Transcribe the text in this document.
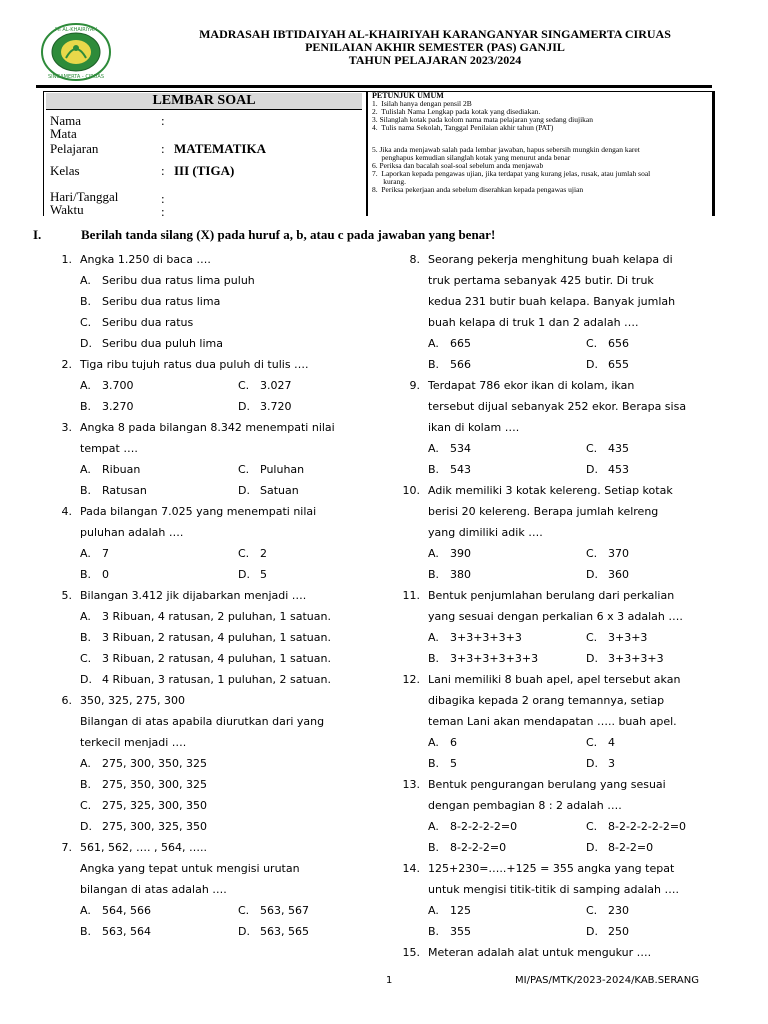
MI AL-KHAIRIYAH
SINGAMERTA - CIRUAS
MADRASAH IBTIDAIYAH AL-KHAIRIYAH KARANGANYAR SINGAMERTA CIRUAS
PENILAIAN AKHIR SEMESTER (PAS) GANJIL
TAHUN PELAJARAN 2023/2024
LEMBAR SOAL
Nama	:
Mata
Pelajaran	: MATEMATIKA
Kelas	: III (TIGA)
Hari/Tanggal	:
Waktu	:
PETUNJUK UMUM
1.  Isilah hanya dengan pensil 2B
2.  Tulislah Nama Lengkap pada kotak yang disediakan.
3. Silanglah kotak pada kolom nama mata pelajaran yang sedang diujikan
4.  Tulis nama Sekolah, Tanggal Penilaian akhir tahun (PAT)
5. Jika anda menjawab salah pada lembar jawaban, hapus sebersih mungkin dengan karet
penghapus kemudian silanglah kotak yang menurut anda benar
6. Periksa dan bacalah soal-soal sebelum anda menjawab
7.  Laporkan kepada pengawas ujian, jika terdapat yang kurang jelas, rusak, atau jumlah soal
kurang.
8.  Periksa pekerjaan anda sebelum diserahkan kepada pengawas ujian
I.	Berilah tanda silang (X) pada huruf a, b, atau c pada jawaban yang benar!
1. Angka 1.250 di baca ….
A. Seribu dua ratus lima puluh
B. Seribu dua ratus lima
C. Seribu dua ratus
D. Seribu dua puluh lima
2. Tiga ribu tujuh ratus dua puluh di tulis ….
A. 3.700	C. 3.027
B. 3.270	D. 3.720
3. Angka 8 pada bilangan 8.342 menempati nilai
tempat ….
A. Ribuan	C. Puluhan
B. Ratusan	D. Satuan
4. Pada bilangan 7.025 yang menempati nilai
puluhan adalah ….
A. 7	C. 2
B. 0	D. 5
5. Bilangan 3.412 jik dijabarkan menjadi ….
A. 3 Ribuan, 4 ratusan, 2 puluhan, 1 satuan.
B. 3 Ribuan, 2 ratusan, 4 puluhan, 1 satuan.
C. 3 Ribuan, 2 ratusan, 4 puluhan, 1 satuan.
D. 4 Ribuan, 3 ratusan, 1 puluhan, 2 satuan.
6. 350, 325, 275, 300
Bilangan di atas apabila diurutkan dari yang
terkecil menjadi ….
A. 275, 300, 350, 325
B. 275, 350, 300, 325
C. 275, 325, 300, 350
D. 275, 300, 325, 350
7. 561, 562, …. , 564, …..
Angka yang tepat untuk mengisi urutan
bilangan di atas adalah ….
A. 564, 566	C. 563, 567
B. 563, 564	D. 563, 565
8. Seorang pekerja menghitung buah kelapa di
truk pertama sebanyak 425 butir. Di truk
kedua 231 butir buah kelapa. Banyak jumlah
buah kelapa di truk 1 dan 2 adalah ….
A. 665	C. 656
B. 566	D. 655
9. Terdapat 786 ekor ikan di kolam, ikan
tersebut dijual sebanyak 252 ekor. Berapa sisa
ikan di kolam ….
A. 534	C. 435
B. 543	D. 453
10. Adik memiliki 3 kotak kelereng. Setiap kotak
berisi 20 kelereng. Berapa jumlah kelreng
yang dimiliki adik ….
A. 390	C. 370
B. 380	D. 360
11. Bentuk penjumlahan berulang dari perkalian
yang sesuai dengan perkalian 6 x 3 adalah ….
A. 3+3+3+3+3	C. 3+3+3
B. 3+3+3+3+3+3	D. 3+3+3+3
12. Lani memiliki 8 buah apel, apel tersebut akan
dibagika kepada 2 orang temannya, setiap
teman Lani akan mendapatan ….. buah apel.
A. 6	C. 4
B. 5	D. 3
13. Bentuk pengurangan berulang yang sesuai
dengan pembagian 8 : 2 adalah ….
A. 8-2-2-2-2=0	C. 8-2-2-2-2-2=0
B. 8-2-2-2=0	D. 8-2-2=0
14. 125+230=…..+125 = 355 angka yang tepat
untuk mengisi titik-titik di samping adalah ….
A. 125	C. 230
B. 355	D. 250
15. Meteran adalah alat untuk mengukur ….
1	MI/PAS/MTK/2023-2024/KAB.SERANG
